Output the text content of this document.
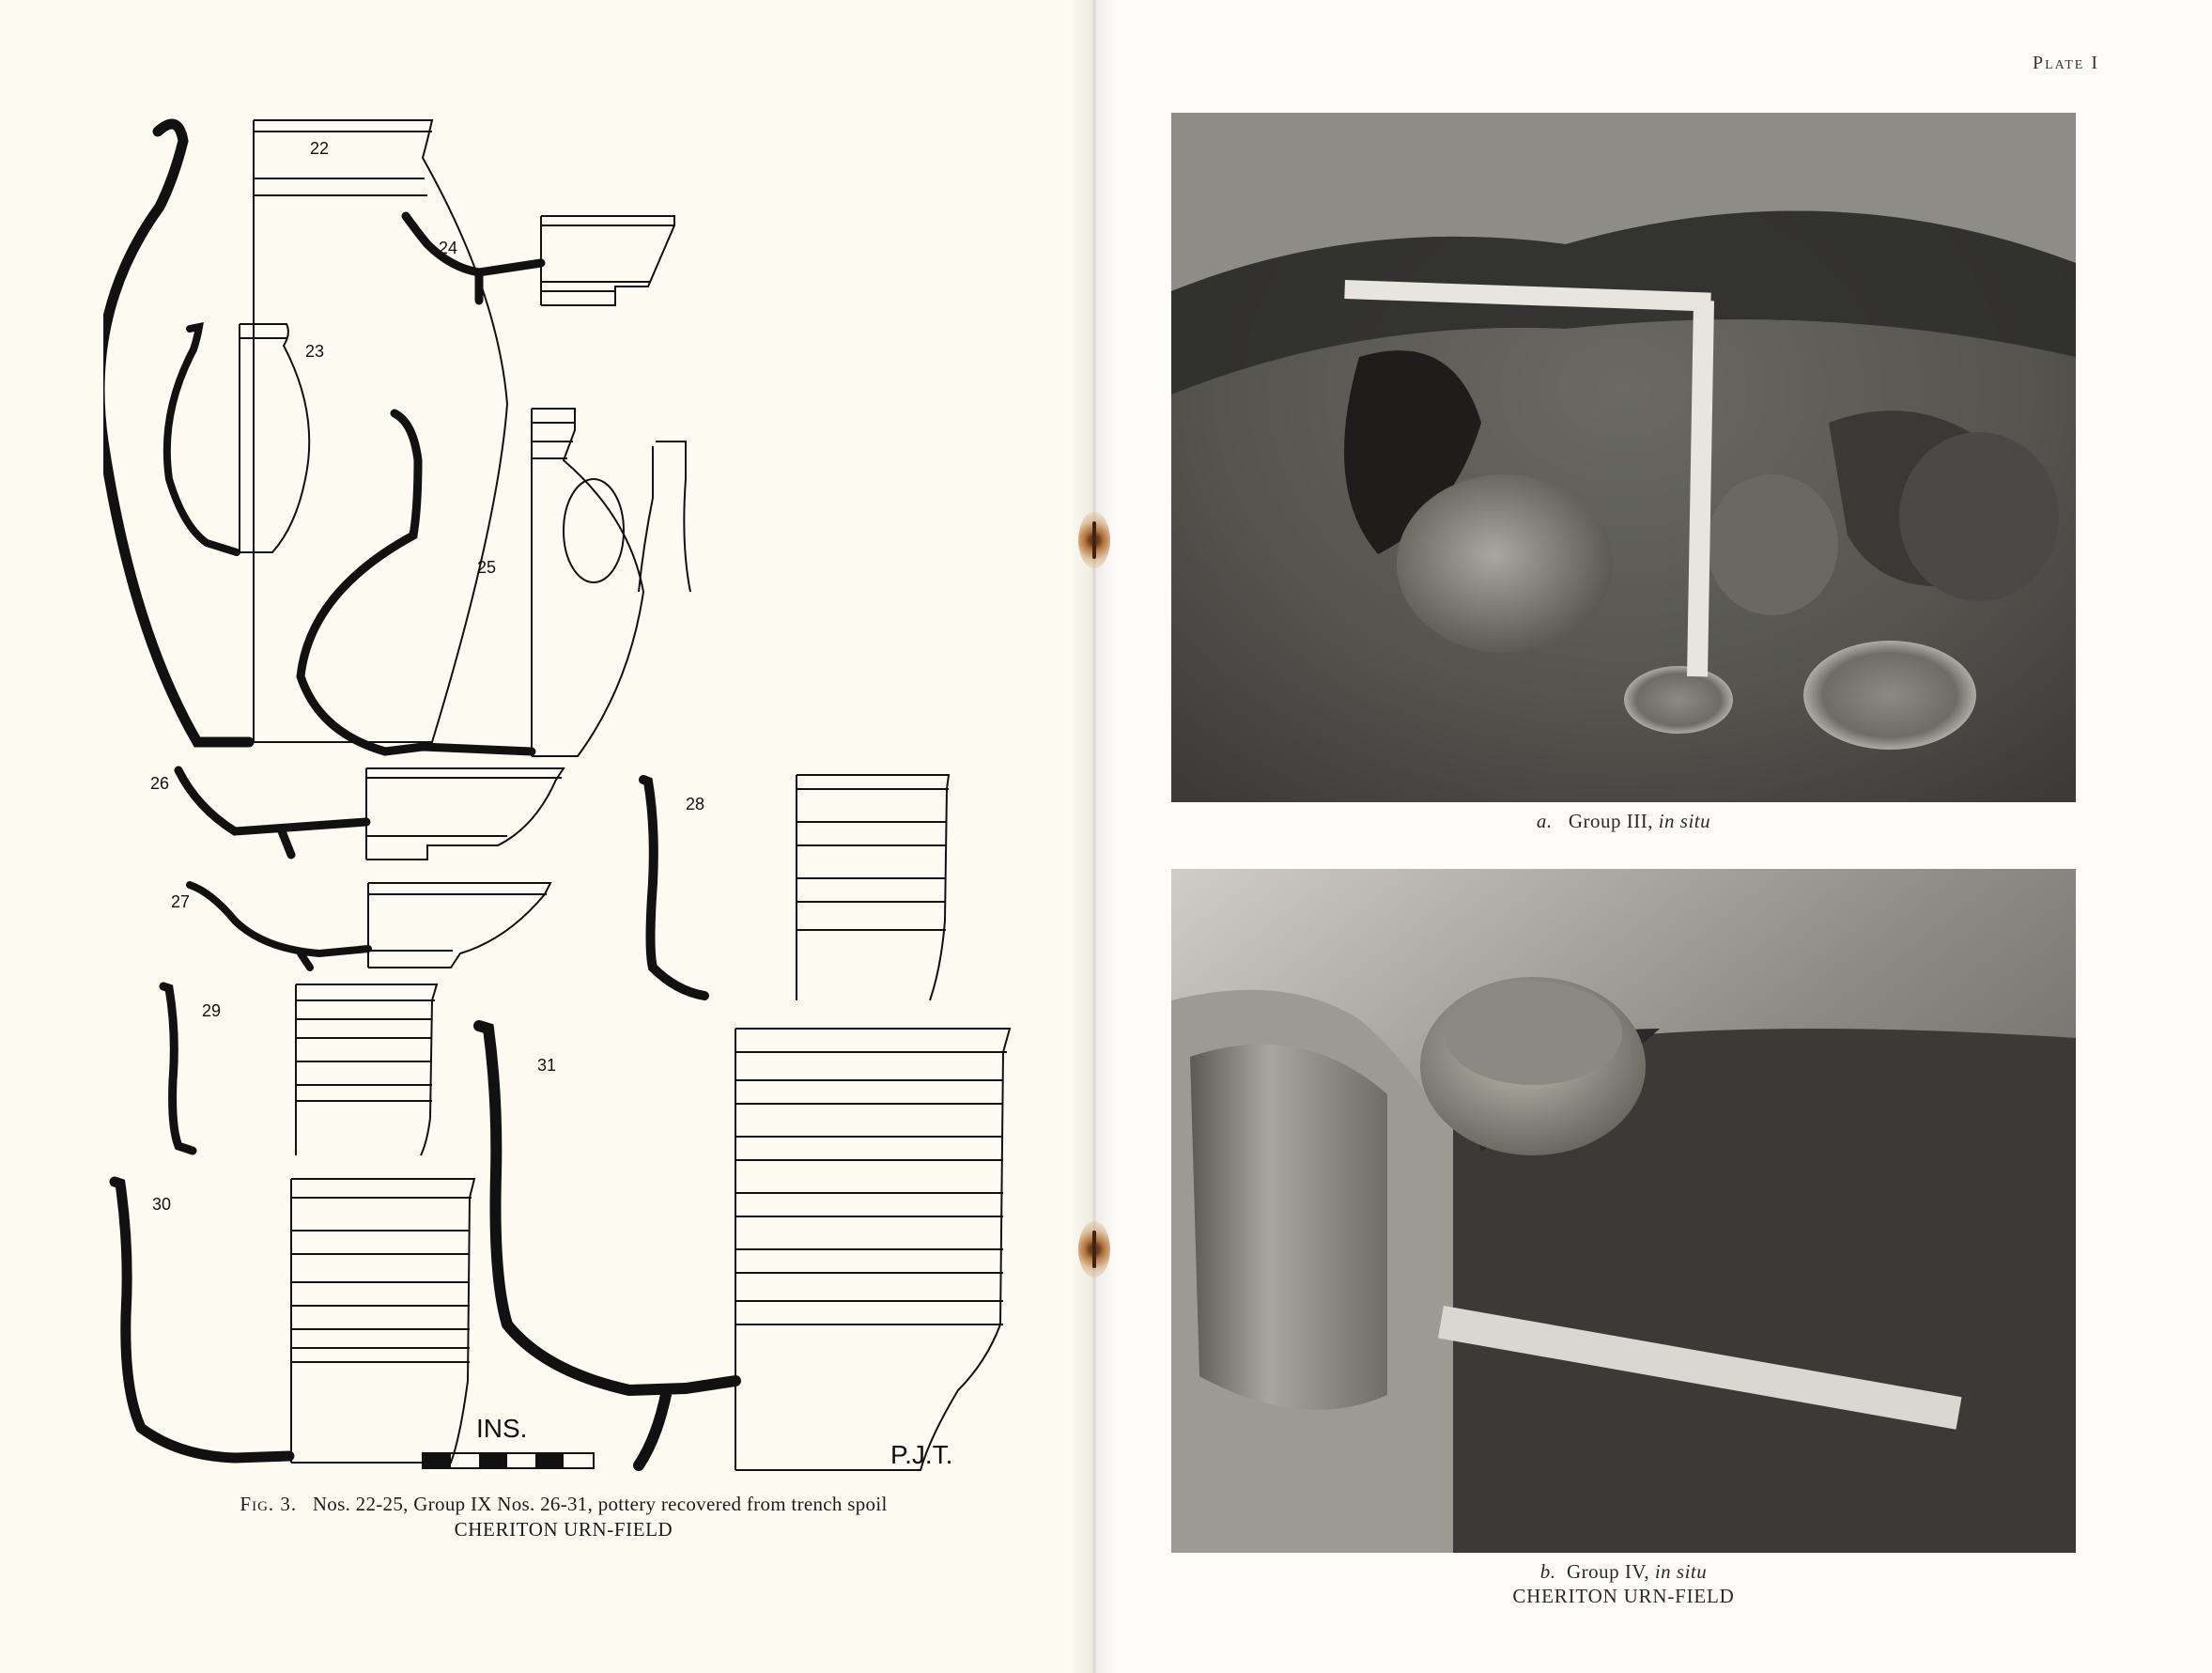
22
23
24
25
26
27
28
29
30
31
INS.
P.J.T.
Fig. 3. Nos. 22-25, Group IX Nos. 26-31, pottery recovered from trench spoil
CHERITON URN-FIELD
Plate I
a. Group III, in situ
b. Group IV, in situ
CHERITON URN-FIELD
